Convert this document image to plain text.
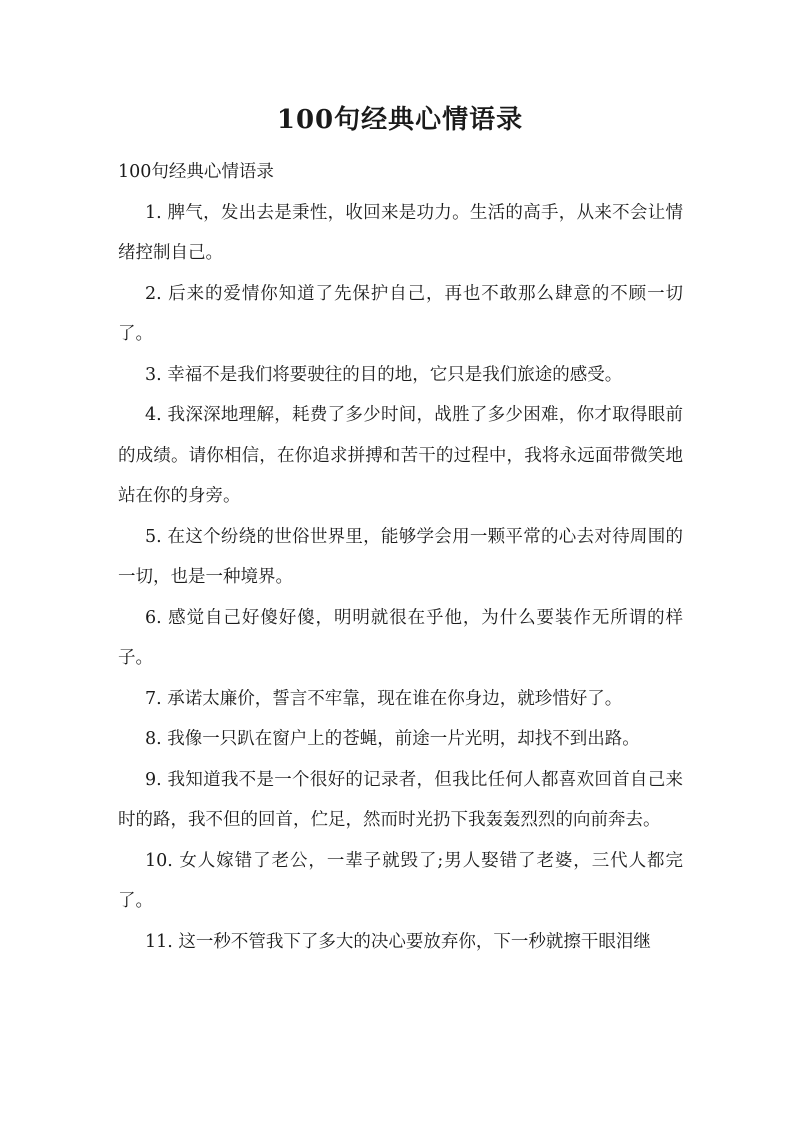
100句经典心情语录

100句经典心情语录

1. 脾气，发出去是秉性，收回来是功力。生活的高手，从来不会让情绪控制自己。

2. 后来的爱情你知道了先保护自己，再也不敢那么肆意的不顾一切了。

3. 幸福不是我们将要驶往的目的地，它只是我们旅途的感受。

4. 我深深地理解，耗费了多少时间，战胜了多少困难，你才取得眼前的成绩。请你相信，在你追求拼搏和苦干的过程中，我将永远面带微笑地站在你的身旁。

5. 在这个纷绕的世俗世界里，能够学会用一颗平常的心去对待周围的一切，也是一种境界。

6. 感觉自己好傻好傻，明明就很在乎他，为什么要装作无所谓的样子。

7. 承诺太廉价，誓言不牢靠，现在谁在你身边，就珍惜好了。

8. 我像一只趴在窗户上的苍蝇，前途一片光明，却找不到出路。

9. 我知道我不是一个很好的记录者，但我比任何人都喜欢回首自己来时的路，我不但的回首，伫足，然而时光扔下我轰轰烈烈的向前奔去。

10. 女人嫁错了老公，一辈子就毁了;男人娶错了老婆，三代人都完了。

11. 这一秒不管我下了多大的决心要放弃你，下一秒就擦干眼泪继
